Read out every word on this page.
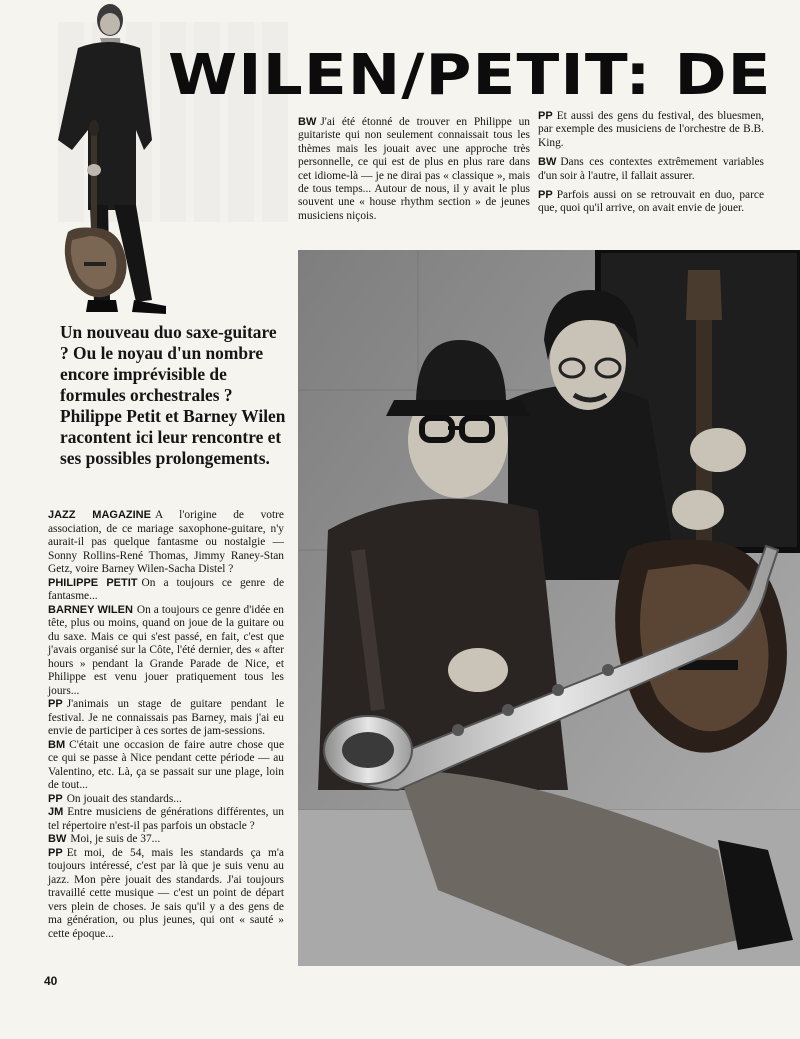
WILEN/PETIT: DE
BW J'ai été étonné de trouver en Philippe un guitariste qui non seulement connaissait tous les thèmes mais les jouait avec une approche très personnelle, ce qui est de plus en plus rare dans cet idiome-là — je ne dirai pas « classique », mais de tous temps... Autour de nous, il y avait le plus souvent une « house rhythm section » de jeunes musiciens niçois.
PP Et aussi des gens du festival, des bluesmen, par exemple des musiciens de l'orchestre de B.B. King.
BW Dans ces contextes extrêmement variables d'un soir à l'autre, il fallait assurer.
PP Parfois aussi on se retrouvait en duo, parce que, quoi qu'il arrive, on avait envie de jouer.
Un nouveau duo saxe-guitare ? Ou le noyau d'un nombre encore imprévisible de formules orchestrales ? Philippe Petit et Barney Wilen racontent ici leur rencontre et ses possibles prolongements.

JAZZ MAGAZINE A l'origine de votre association, de ce mariage saxophone-guitare, n'y aurait-il pas quelque fantasme ou nostalgie — Sonny Rollins-René Thomas, Jimmy Raney-Stan Getz, voire Barney Wilen-Sacha Distel ?

PHILIPPE PETIT On a toujours ce genre de fantasme...

BARNEY WILEN On a toujours ce genre d'idée en tête, plus ou moins, quand on joue de la guitare ou du saxe. Mais ce qui s'est passé, en fait, c'est que j'avais organisé sur la Côte, l'été dernier, des « after hours » pendant la Grande Parade de Nice, et Philippe est venu jouer pratiquement tous les jours...

PP J'animais un stage de guitare pendant le festival. Je ne connaissais pas Barney, mais j'ai eu envie de participer à ces sortes de jam-sessions.

BM C'était une occasion de faire autre chose que ce qui se passe à Nice pendant cette période — au Valentino, etc. Là, ça se passait sur une plage, loin de tout...

PP On jouait des standards...

JM Entre musiciens de générations différentes, un tel répertoire n'est-il pas parfois un obstacle ?

BW Moi, je suis de 37...

PP Et moi, de 54, mais les standards ça m'a toujours intéressé, c'est par là que je suis venu au jazz. Mon père jouait des standards. J'ai toujours travaillé cette musique — c'est un point de départ vers plein de choses. Je sais qu'il y a des gens de ma génération, ou plus jeunes, qui ont « sauté » cette époque...

40
